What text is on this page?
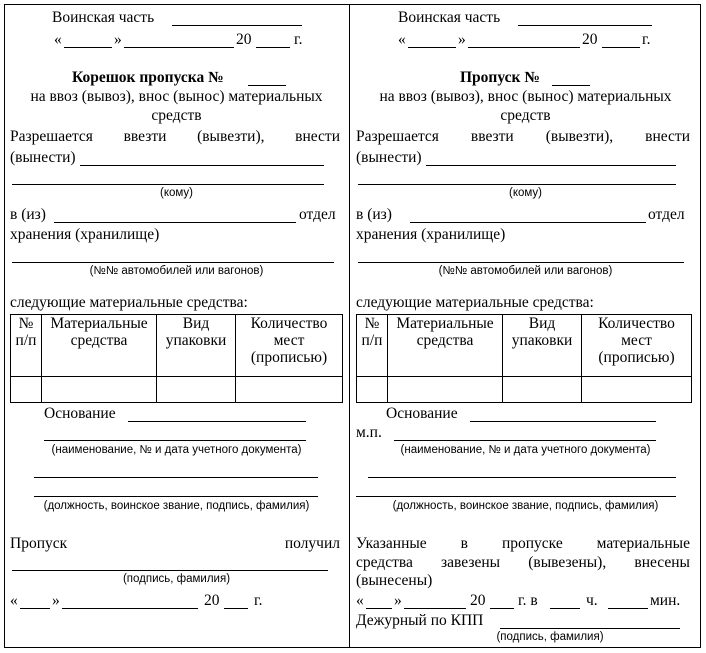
Воинская часть
«	»	20	г.
Корешок пропуска №
на ввоз (вывоз), внос (вынос) материальных
средств
Разрешается ввезти (вывезти), внести
(вынести)
(кому)
в (из)	отдел
хранения (хранилище)
(№№ автомобилей или вагонов)
следующие материальные средства:
№ п/п	Материальные средства	Вид упаковки	Количество мест (прописью)

Основание
(наименование, № и дата учетного документа)
(должность, воинское звание, подпись, фамилия)
Пропуск	получил
(подпись, фамилия)
« »	20 г.
Воинская часть
«	»	20	г.
Пропуск №
на ввоз (вывоз), внос (вынос) материальных
средств
Разрешается ввезти (вывезти), внести
(вынести)
(кому)
в (из)	отдел
хранения (хранилище)
(№№ автомобилей или вагонов)
следующие материальные средства:
№ п/п	Материальные средства	Вид упаковки	Количество мест (прописью)

Основание
м.п.
(наименование, № и дата учетного документа)
(должность, воинское звание, подпись, фамилия)
Указанные в пропуске материальные
средства завезены (вывезены), внесены
(вынесены)
« »	20 г. в	ч.	мин.
Дежурный по КПП
(подпись, фамилия)
